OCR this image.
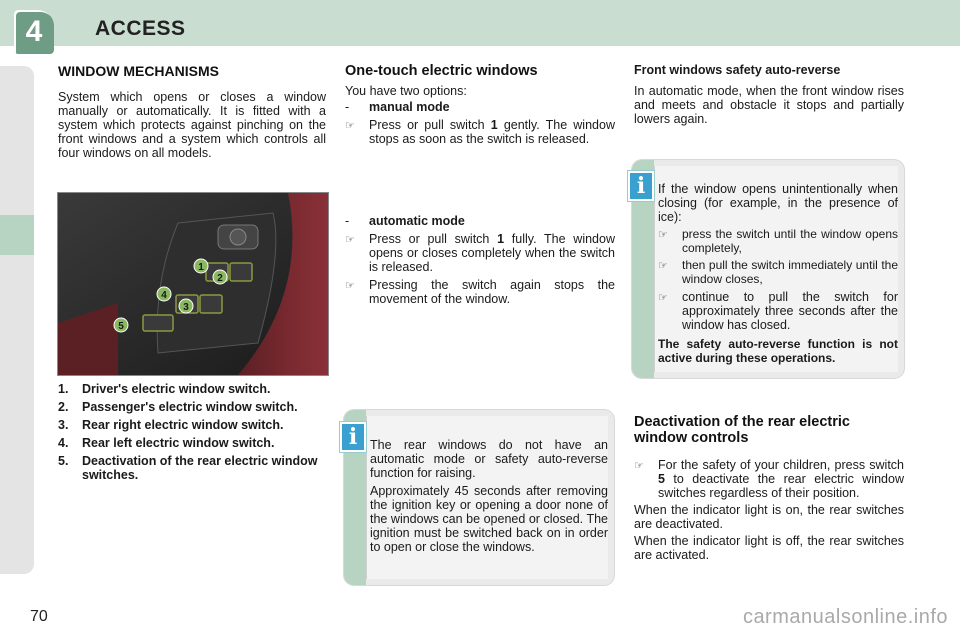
4	ACCESS
WINDOW MECHANISMS

System which opens or closes a window manually or automatically. It is fitted with a system which protects against pinching on the front windows and a system which controls all four windows on all models.

1
2
3
4
5
1.	Driver's electric window switch.
2.	Passenger's electric window switch.
3.	Rear right electric window switch.
4.	Rear left electric window switch.
5.	Deactivation of the rear electric window switches.
One-touch electric windows
You have two options:
-	manual mode
☞	Press or pull switch 1 gently. The window stops as soon as the switch is released.
-	automatic mode
☞	Press or pull switch 1 fully. The window opens or closes completely when the switch is released.
☞	Pressing the switch again stops the movement of the window.
i The rear windows do not have an automatic mode or safety auto-reverse function for raising.

Approximately 45 seconds after removing the ignition key or opening a door none of the windows can be opened or closed. The ignition must be switched back on in order to open or close the windows.

Front windows safety auto-reverse

In automatic mode, when the front window rises and meets and obstacle it stops and partially lowers again.

i If the window opens unintentionally when closing (for example, in the presence of ice):

☞	press the switch until the window opens completely,
☞	then pull the switch immediately until the window closes,
☞	continue to pull the switch for approximately three seconds after the window has closed.

The safety auto-reverse function is not active during these operations.

Deactivation of the rear electric window controls
☞	For the safety of your children, press switch 5 to deactivate the rear electric window switches regardless of their position.

When the indicator light is on, the rear switches are deactivated.

When the indicator light is off, the rear switches are activated.

70	carmanualsonline.info
